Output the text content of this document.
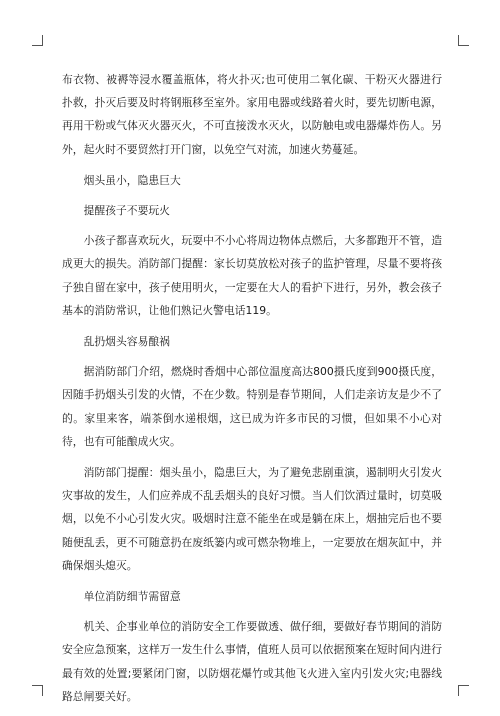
布衣物、被褥等浸水覆盖瓶体，将火扑灭;也可使用二氧化碳、干粉灭火器进行扑救，扑灭后要及时将钢瓶移至室外。家用电器或线路着火时，要先切断电源，再用干粉或气体灭火器灭火，不可直接泼水灭火，以防触电或电器爆炸伤人。另外，起火时不要贸然打开门窗，以免空气对流，加速火势蔓延。

烟头虽小，隐患巨大

提醒孩子不要玩火

小孩子都喜欢玩火，玩耍中不小心将周边物体点燃后，大多都跑开不管，造成更大的损失。消防部门提醒：家长切莫放松对孩子的监护管理，尽量不要将孩子独自留在家中，孩子使用明火，一定要在大人的看护下进行，另外，教会孩子基本的消防常识，让他们熟记火警电话119。

乱扔烟头容易酿祸

据消防部门介绍，燃烧时香烟中心部位温度高达800摄氏度到900摄氏度，因随手扔烟头引发的火情，不在少数。特别是春节期间，人们走亲访友是少不了的。家里来客，端茶倒水递根烟，这已成为许多市民的习惯，但如果不小心对待，也有可能酿成火灾。

消防部门提醒：烟头虽小，隐患巨大，为了避免悲剧重演，遏制明火引发火灾事故的发生，人们应养成不乱丢烟头的良好习惯。当人们饮酒过量时，切莫吸烟，以免不小心引发火灾。吸烟时注意不能坐在或是躺在床上，烟抽完后也不要随便乱丢，更不可随意扔在废纸篓内或可燃杂物堆上，一定要放在烟灰缸中，并确保烟头熄灭。

单位消防细节需留意

机关、企事业单位的消防安全工作要做透、做仔细，要做好春节期间的消防安全应急预案，这样万一发生什么事情，值班人员可以依据预案在短时间内进行最有效的处置;要紧闭门窗，以防烟花爆竹或其他飞火进入室内引发火灾;电器线路总闸要关好。
